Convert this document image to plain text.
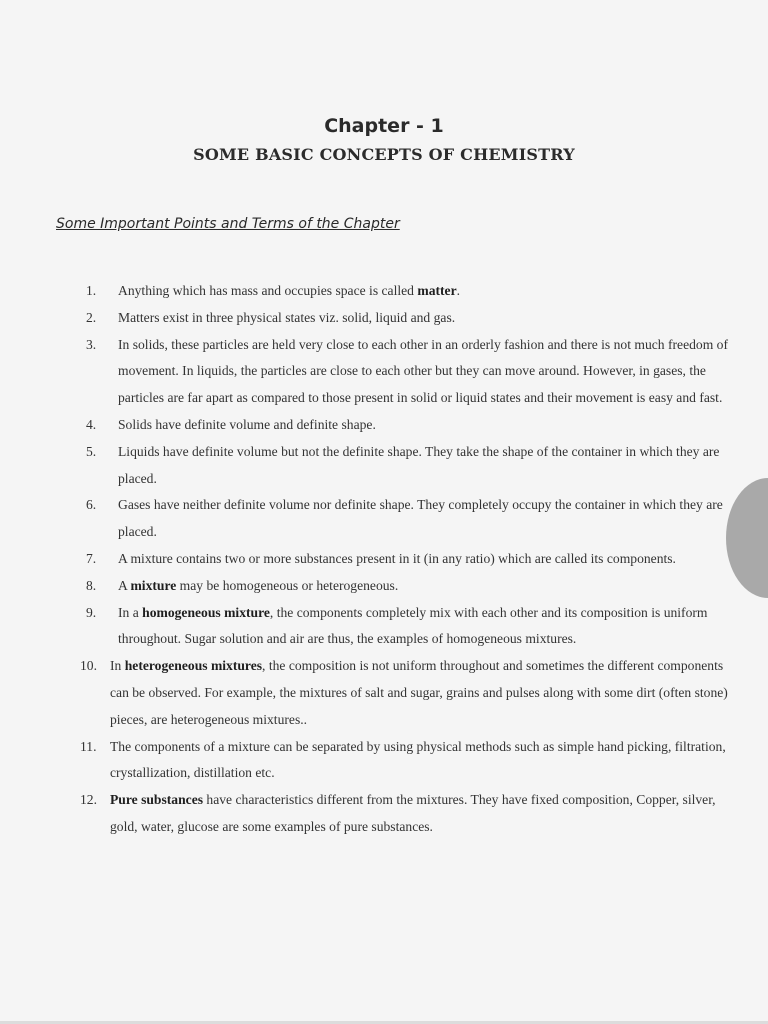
Chapter - 1
SOME BASIC CONCEPTS OF CHEMISTRY
Some Important Points and Terms of the Chapter
1. Anything which has mass and occupies space is called matter.
2. Matters exist in three physical states viz. solid, liquid and gas.
3. In solids, these particles are held very close to each other in an orderly fashion and there is not much freedom of movement. In liquids, the particles are close to each other but they can move around. However, in gases, the particles are far apart as compared to those present in solid or liquid states and their movement is easy and fast.
4. Solids have definite volume and definite shape.
5. Liquids have definite volume but not the definite shape. They take the shape of the container in which they are placed.
6. Gases have neither definite volume nor definite shape. They completely occupy the container in which they are placed.
7. A mixture contains two or more substances present in it (in any ratio) which are called its components.
8. A mixture may be homogeneous or heterogeneous.
9. In a homogeneous mixture, the components completely mix with each other and its composition is uniform throughout. Sugar solution and air are thus, the examples of homogeneous mixtures.
10. In heterogeneous mixtures, the composition is not uniform throughout and sometimes the different components can be observed. For example, the mixtures of salt and sugar, grains and pulses along with some dirt (often stone) pieces, are heterogeneous mixtures..
11. The components of a mixture can be separated by using physical methods such as simple hand picking, filtration, crystallization, distillation etc.
12. Pure substances have characteristics different from the mixtures. They have fixed composition, Copper, silver, gold, water, glucose are some examples of pure substances.
